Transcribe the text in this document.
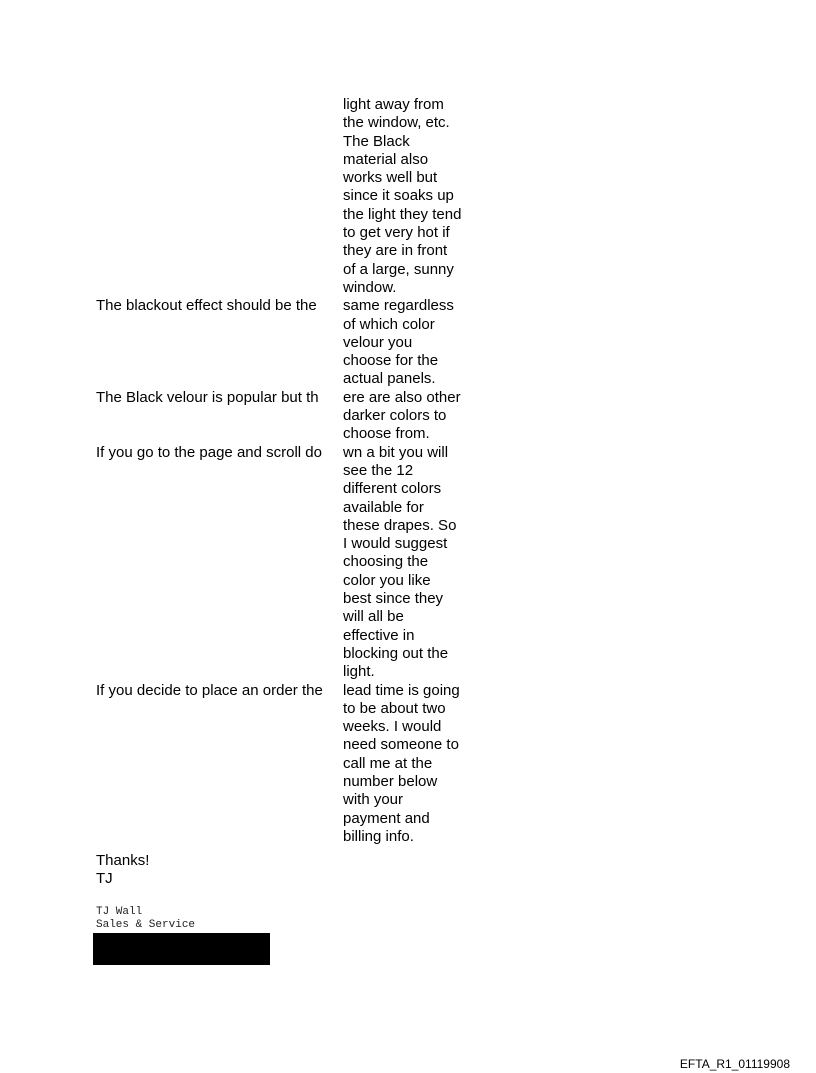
light away from
the window, etc.
The Black
material also
works well but
since it soaks up
the light they tend
to get very hot if
they are in front
of a large, sunny
window.
The blackout effect should be thesame regardless
of which color
velour you
choose for the
actual panels.
The Black velour is popular but th ere are also other
darker colors to
choose from.
If you go to the page and scroll do wn a bit you will
see the 12
different colors
available for
these drapes. So
I would suggest
choosing the
color you like
best since they
will all be
effective in
blocking out the
light.
If you decide to place an order thelead time is going
to be about two
weeks. I would
need someone to
call me at the
number below
with your
payment and
billing info.
Thanks!
TJ
TJ Wall
Sales & Service
EFTA_R1_01119908
